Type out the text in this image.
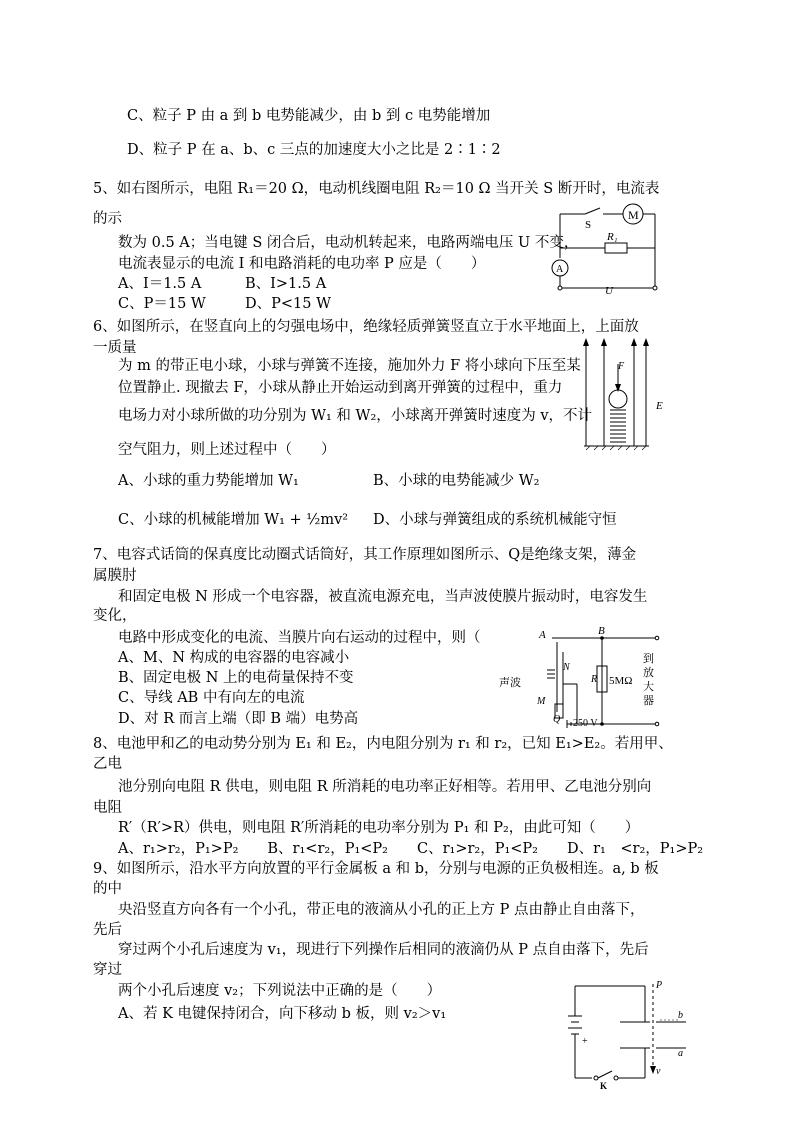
C、粒子 P 由 a 到 b 电势能减少，由 b 到 c 电势能增加
D、粒子 P 在 a、b、c 三点的加速度大小之比是 2∶1∶2
5、如右图所示，电阻 R₁＝20 Ω，电动机线圈电阻 R₂＝10 Ω 当开关 S 断开时，电流表
的示
数为 0.5 A；当电键 S 闭合后，电动机转起来，电路两端电压 U 不变，
电流表显示的电流 I 和电路消耗的电功率 P 应是（　　）
A、I＝1.5 A	B、I>1.5 A
C、P＝15 W	D、P<15 W
S
M
R₁
A
U
6、如图所示，在竖直向上的匀强电场中，绝缘轻质弹簧竖直立于水平地面上，上面放
一质量
为 m 的带正电小球，小球与弹簧不连接，施加外力 F 将小球向下压至某
位置静止. 现撤去 F，小球从静止开始运动到离开弹簧的过程中，重力
电场力对小球所做的功分别为 W₁ 和 W₂，小球离开弹簧时速度为 v，不计
空气阻力，则上述过程中（　　）
A、小球的重力势能增加 W₁	B、小球的电势能减少 W₂
C、小球的机械能增加 W₁ + ½mv² D、小球与弹簧组成的系统机械能守恒
F
E
7、电容式话筒的保真度比动圈式话筒好，其工作原理如图所示、Q是绝缘支架，薄金
属膜肘
和固定电极 N 形成一个电容器，被直流电源充电，当声波使膜片振动时，电容发生
变化，
电路中形成变化的电流、当膜片向右运动的过程中，则（
A、M、N 构成的电容器的电容减小
B、固定电极 N 上的电荷量保持不变
C、导线 AB 中有向左的电流
D、对 R 而言上端（即 B 端）电势高
A	B
N
M
Q
R 5MΩ
声波
250 V
到
放
大
器
8、电池甲和乙的电动势分别为 E₁ 和 E₂，内电阻分别为 r₁ 和 r₂，已知 E₁>E₂。若用甲、
乙电
池分别向电阻 R 供电，则电阻 R 所消耗的电功率正好相等。若用甲、乙电池分别向
电阻
R′（R′>R）供电，则电阻 R′所消耗的电功率分别为 P₁ 和 P₂，由此可知（　　）
A、r₁>r₂，P₁>P₂　　B、r₁<r₂，P₁<P₂　　C、r₁>r₂，P₁<P₂　　D、r₁　<r₂，P₁>P₂
9、如图所示，沿水平方向放置的平行金属板 a 和 b，分别与电源的正负极相连。a, b 板
的中
央沿竖直方向各有一个小孔，带正电的液滴从小孔的正上方 P 点由静止自由落下，
先后
穿过两个小孔后速度为 v₁，现进行下列操作后相同的液滴仍从 P 点自由落下，先后
穿过
两个小孔后速度 v₂；下列说法中正确的是（　　）
A、若 K 电键保持闭合，向下移动 b 板，则 v₂＞v₁
P
b
a
+
K
v
